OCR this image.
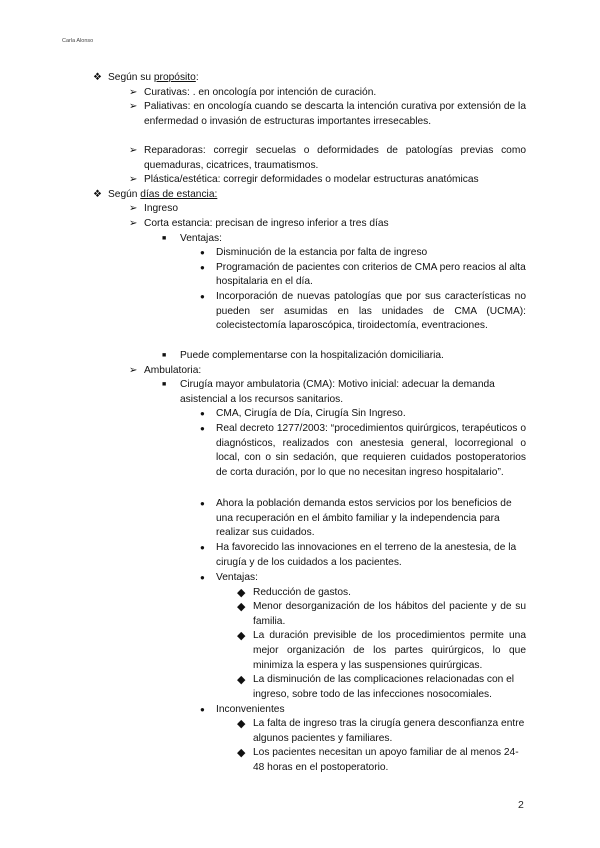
Carla Alonso
❖ Según su propósito:
➢ Curativas: . en oncología por intención de curación.
➢ Paliativas: en oncología cuando se descarta la intención curativa por extensión de la enfermedad o invasión de estructuras importantes irresecables.
➢ Reparadoras: corregir secuelas o deformidades de patologías previas como quemaduras, cicatrices, traumatismos.
➢ Plástica/estética: corregir deformidades o modelar estructuras anatómicas
❖ Según días de estancia:
➢ Ingreso
➢ Corta estancia: precisan de ingreso inferior a tres días
■ Ventajas:
● Disminución de la estancia por falta de ingreso
● Programación de pacientes con criterios de CMA pero reacios al alta hospitalaria en el día.
● Incorporación de nuevas patologías que por sus características no pueden ser asumidas en las unidades de CMA (UCMA): colecistectomía laparoscópica, tiroidectomía, eventraciones.
■ Puede complementarse con la hospitalización domiciliaria.
➢ Ambulatoria:
■ Cirugía mayor ambulatoria (CMA): Motivo inicial: adecuar la demanda asistencial a los recursos sanitarios.
● CMA, Cirugía de Día, Cirugía Sin Ingreso.
● Real decreto 1277/2003: “procedimientos quirúrgicos, terapéuticos o diagnósticos, realizados con anestesia general, locorregional o local, con o sin sedación, que requieren cuidados postoperatorios de corta duración, por lo que no necesitan ingreso hospitalario”.
● Ahora la población demanda estos servicios por los beneficios de una recuperación en el ámbito familiar y la independencia para realizar sus cuidados.
● Ha favorecido las innovaciones en el terreno de la anestesia, de la cirugía y de los cuidados a los pacientes.
● Ventajas:
◆ Reducción de gastos.
◆ Menor desorganización de los hábitos del paciente y de su familia.
◆ La duración previsible de los procedimientos permite una mejor organización de los partes quirúrgicos, lo que minimiza la espera y las suspensiones quirúrgicas.
◆ La disminución de las complicaciones relacionadas con el ingreso, sobre todo de las infecciones nosocomiales.
● Inconvenientes
◆ La falta de ingreso tras la cirugía genera desconfianza entre algunos pacientes y familiares.
◆ Los pacientes necesitan un apoyo familiar de al menos 24-48 horas en el postoperatorio.
2
